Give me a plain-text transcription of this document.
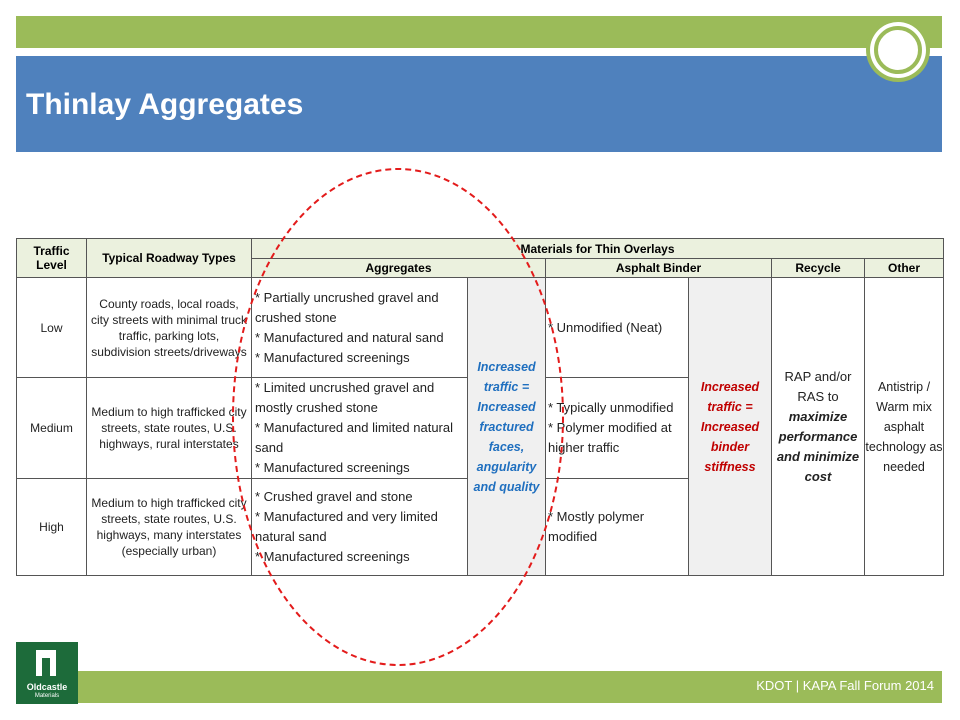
Thinlay Aggregates
Traffic Level	Typical Roadway Types	Materials for Thin Overlays					
		Aggregates		Asphalt Binder		Recycle	Other
Low	County roads, local roads, city streets with minimal truck traffic, parking lots, subdivision streets/driveways	* Partially uncrushed gravel and crushed stone
* Manufactured and natural sand
* Manufactured screenings	Increased traffic = Increased fractured faces, angularity and quality	* Unmodified (Neat)	Increased traffic = Increased binder stiffness	RAP and/or RAS to maximize performance and minimize cost	Antistrip / Warm mix asphalt technology as needed
Medium	Medium to high trafficked city streets, state routes, U.S. highways, rural interstates	* Limited uncrushed gravel and mostly crushed stone
* Manufactured and limited natural sand
* Manufactured screenings		* Typically unmodified
* Polymer modified at higher traffic			

High	Medium to high trafficked city streets, state routes, U.S. highways, many interstates (especially urban)	* Crushed gravel and stone
* Manufactured and very limited natural sand
* Manufactured screenings		* Mostly polymer modified			
KDOT | KAPA Fall Forum 2014
Oldcastle
Materials
